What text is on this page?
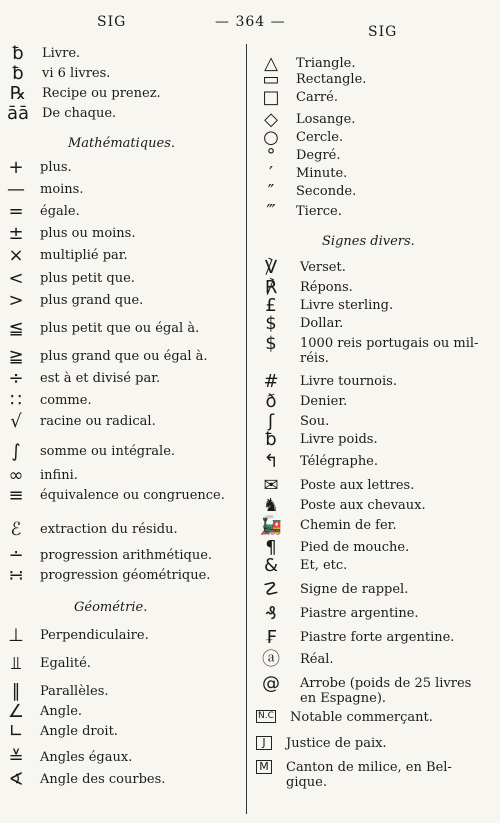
SIG	— 364 —
SIG
ƀ	Livre.
ƀ	vi 6 livres.
℞	Recipe ou prenez.
āā De chaque.
Mathématiques.
+	plus.
—	moins.
=	égale.
±	plus ou moins.
×	multiplié par.
<	plus petit que.
>	plus grand que.
≦	plus petit que ou égal à.
≧	plus grand que ou égal à.
÷	est à et divisé par.
∷	comme.
√	racine ou radical.
∫	somme ou intégrale.
∞	infini.
≡	équivalence ou congruence.
ℰ	extraction du résidu.
∸	progression arithmétique.
∺	progression géométrique.
Géométrie.
⊥	Perpendiculaire.
⫫	Egalité.
∥	Parallèles.
∠	Angle.
∟	Angle droit.
≚	Angles égaux.
∢	Angle des courbes.
△	Triangle.
▭	Rectangle.
□	Carré.
◇	Losange.
○	Cercle.
°	Degré.
′	Minute.
″	Seconde.
‴	Tierce.
Signes divers.
℣	Verset.
℟	Répons.
£	Livre sterling.
$	Dollar.
$	1000 reis portugais ou mil-
réis.
#	Livre tournois.
ð	Denier.
ʃ	Sou.
ƀ	Livre poids.
↰	Télégraphe.
✉	Poste aux lettres.
♞	Poste aux chevaux.
🚂 Chemin de fer.
¶	Pied de mouche.
&	Et, etc.
☡	Signe de rappel.
₰	Piastre argentine.
₣	Piastre forte argentine.
ⓐ	Réal.
@	Arrobe (poids de 25 livres
en Espagne).
N.C Notable commerçant.
J	Justice de paix.
M Canton de milice, en Bel-
gique.
